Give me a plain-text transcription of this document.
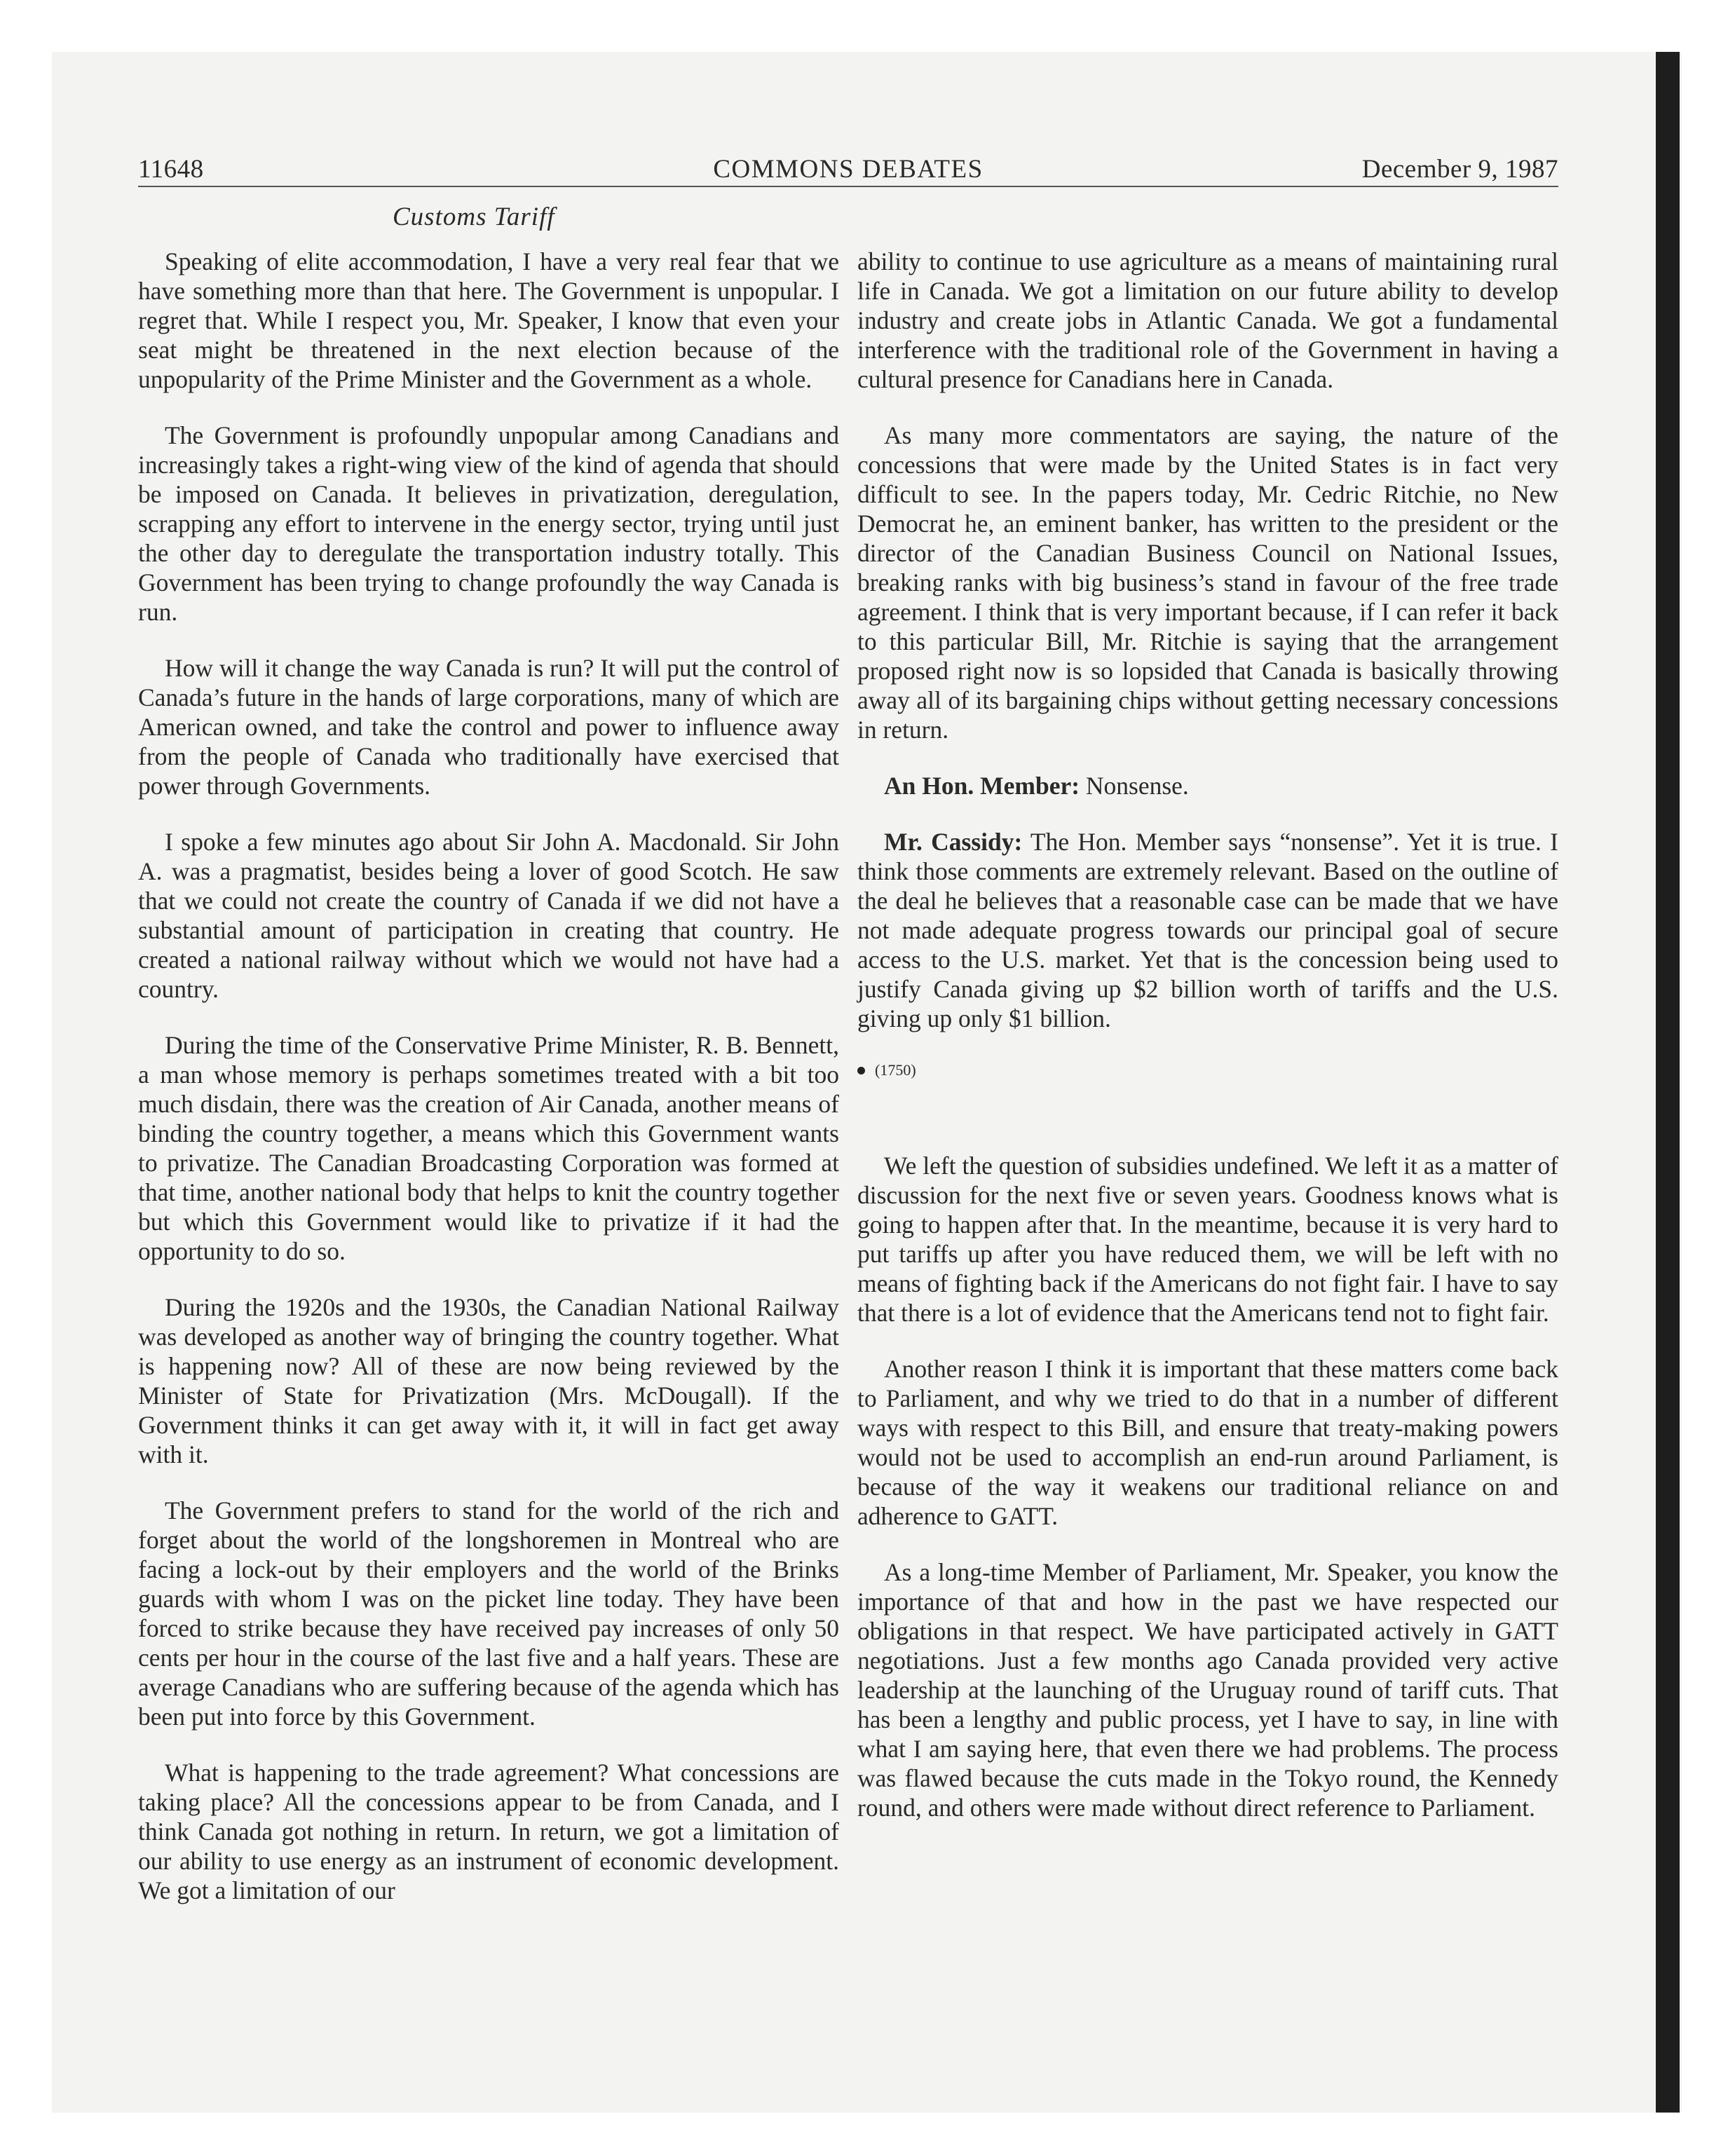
11648	COMMONS DEBATES	December 9, 1987
Customs Tariff

Speaking of elite accommodation, I have a very real fear that we have something more than that here. The Government is unpopular. I regret that. While I respect you, Mr. Speaker, I know that even your seat might be threatened in the next election because of the unpopularity of the Prime Minister and the Government as a whole.

The Government is profoundly unpopular among Canadians and increasingly takes a right-wing view of the kind of agenda that should be imposed on Canada. It believes in privatization, deregulation, scrapping any effort to intervene in the energy sector, trying until just the other day to deregulate the transportation industry totally. This Government has been trying to change profoundly the way Canada is run.

How will it change the way Canada is run? It will put the control of Canada’s future in the hands of large corporations, many of which are American owned, and take the control and power to influence away from the people of Canada who traditionally have exercised that power through Governments.

I spoke a few minutes ago about Sir John A. Macdonald. Sir John A. was a pragmatist, besides being a lover of good Scotch. He saw that we could not create the country of Canada if we did not have a substantial amount of participation in creating that country. He created a national railway without which we would not have had a country.

During the time of the Conservative Prime Minister, R. B. Bennett, a man whose memory is perhaps sometimes treated with a bit too much disdain, there was the creation of Air Canada, another means of binding the country together, a means which this Government wants to privatize. The Canadian Broadcasting Corporation was formed at that time, another national body that helps to knit the country together but which this Government would like to privatize if it had the opportunity to do so.

During the 1920s and the 1930s, the Canadian National Railway was developed as another way of bringing the country together. What is happening now? All of these are now being reviewed by the Minister of State for Privatization (Mrs. McDougall). If the Government thinks it can get away with it, it will in fact get away with it.

The Government prefers to stand for the world of the rich and forget about the world of the longshoremen in Montreal who are facing a lock-out by their employers and the world of the Brinks guards with whom I was on the picket line today. They have been forced to strike because they have received pay increases of only 50 cents per hour in the course of the last five and a half years. These are average Canadians who are suffering because of the agenda which has been put into force by this Government.

What is happening to the trade agreement? What concessions are taking place? All the concessions appear to be from Canada, and I think Canada got nothing in return. In return, we got a limitation of our ability to use energy as an instrument of economic development. We got a limitation of our

ability to continue to use agriculture as a means of maintaining rural life in Canada. We got a limitation on our future ability to develop industry and create jobs in Atlantic Canada. We got a fundamental interference with the traditional role of the Government in having a cultural presence for Canadians here in Canada.

As many more commentators are saying, the nature of the concessions that were made by the United States is in fact very difficult to see. In the papers today, Mr. Cedric Ritchie, no New Democrat he, an eminent banker, has written to the president or the director of the Canadian Business Council on National Issues, breaking ranks with big business’s stand in favour of the free trade agreement. I think that is very important because, if I can refer it back to this particular Bill, Mr. Ritchie is saying that the arrangement proposed right now is so lopsided that Canada is basically throwing away all of its bargaining chips without getting necessary concessions in return.

An Hon. Member: Nonsense.

Mr. Cassidy: The Hon. Member says “nonsense”. Yet it is true. I think those comments are extremely relevant. Based on the outline of the deal he believes that a reasonable case can be made that we have not made adequate progress towards our principal goal of secure access to the U.S. market. Yet that is the concession being used to justify Canada giving up $2 billion worth of tariffs and the U.S. giving up only $1 billion.

(1750)

We left the question of subsidies undefined. We left it as a matter of discussion for the next five or seven years. Goodness knows what is going to happen after that. In the meantime, because it is very hard to put tariffs up after you have reduced them, we will be left with no means of fighting back if the Americans do not fight fair. I have to say that there is a lot of evidence that the Americans tend not to fight fair.

Another reason I think it is important that these matters come back to Parliament, and why we tried to do that in a number of different ways with respect to this Bill, and ensure that treaty-making powers would not be used to accomplish an end-run around Parliament, is because of the way it weakens our traditional reliance on and adherence to GATT.

As a long-time Member of Parliament, Mr. Speaker, you know the importance of that and how in the past we have respected our obligations in that respect. We have participated actively in GATT negotiations. Just a few months ago Canada provided very active leadership at the launching of the Uruguay round of tariff cuts. That has been a lengthy and public process, yet I have to say, in line with what I am saying here, that even there we had problems. The process was flawed because the cuts made in the Tokyo round, the Kennedy round, and others were made without direct reference to Parliament.
